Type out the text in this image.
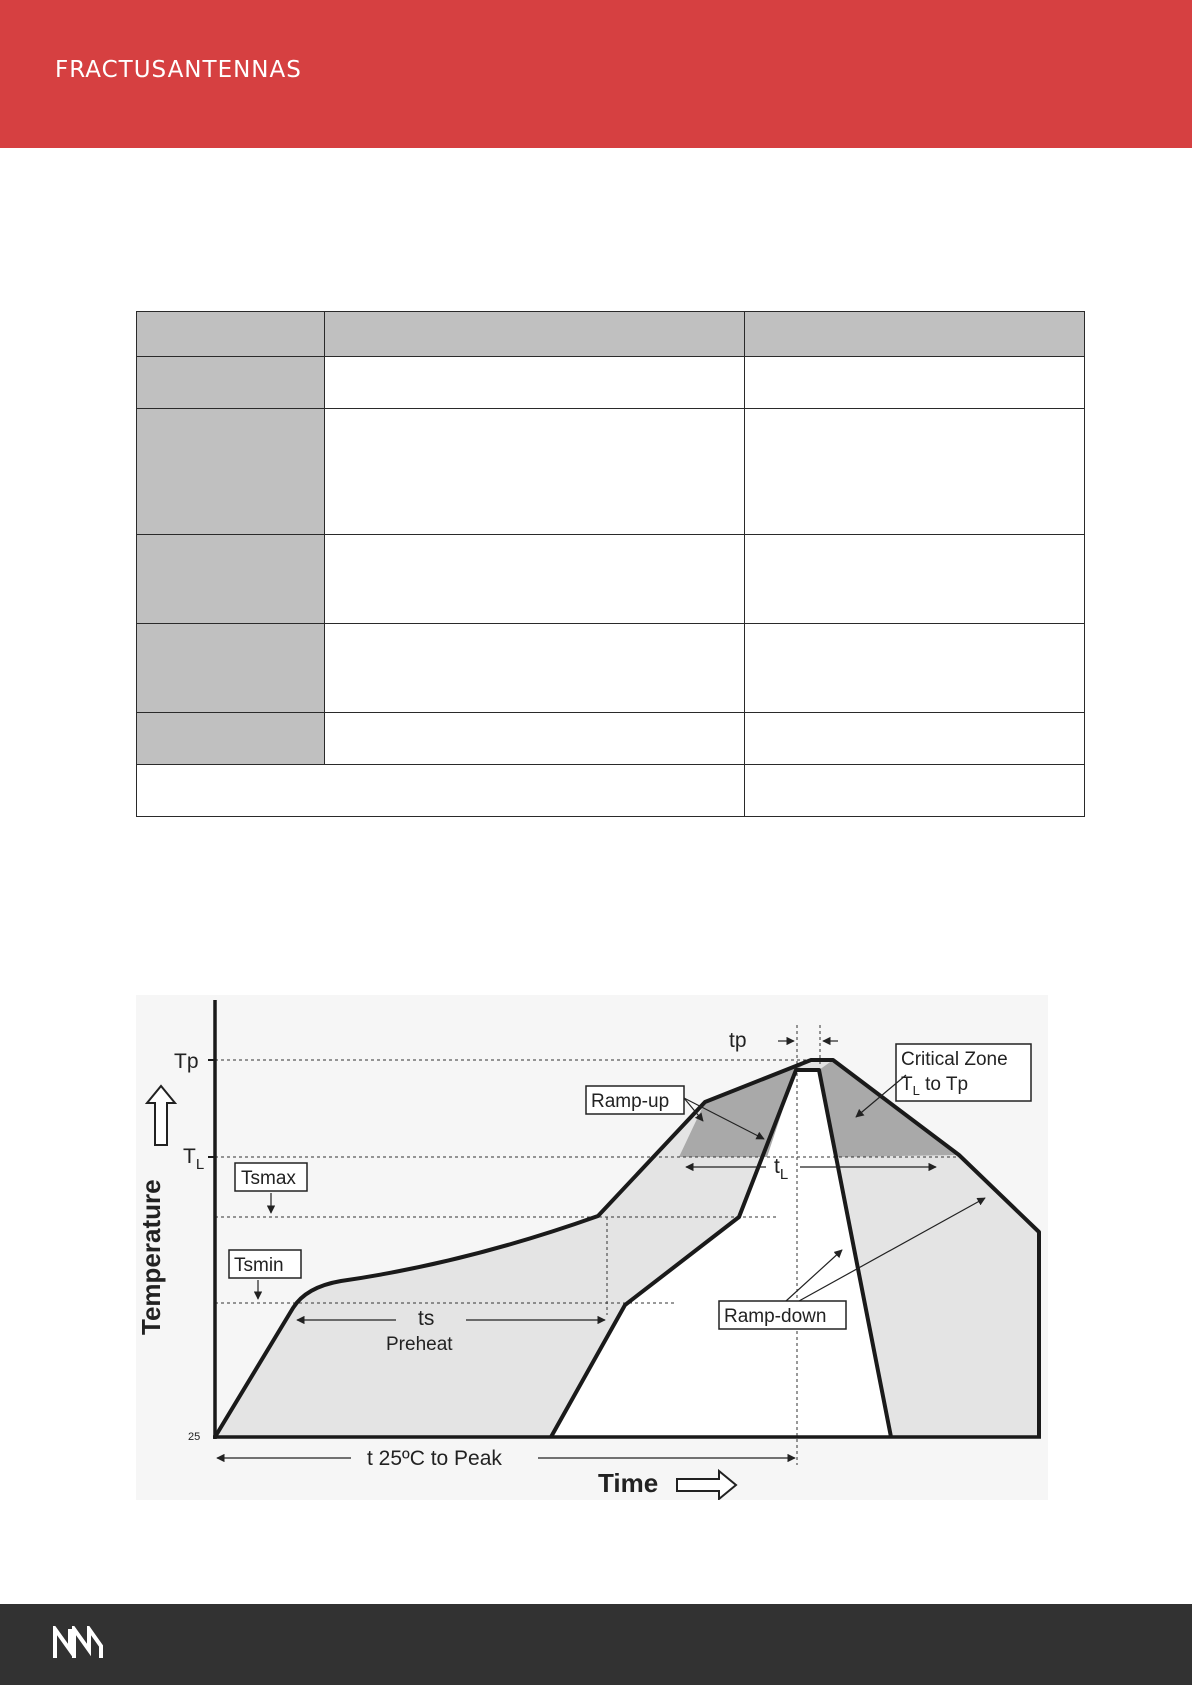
FRACTUSANTENNAS

Tp
$T_L$
25
Temperature
Tsmax
Tsmin
ts
Preheat
t 25ºC to Peak
Time
tp
$t_L$
Ramp-up
Ramp-down
Critical Zone
$T_L$ to Tp
